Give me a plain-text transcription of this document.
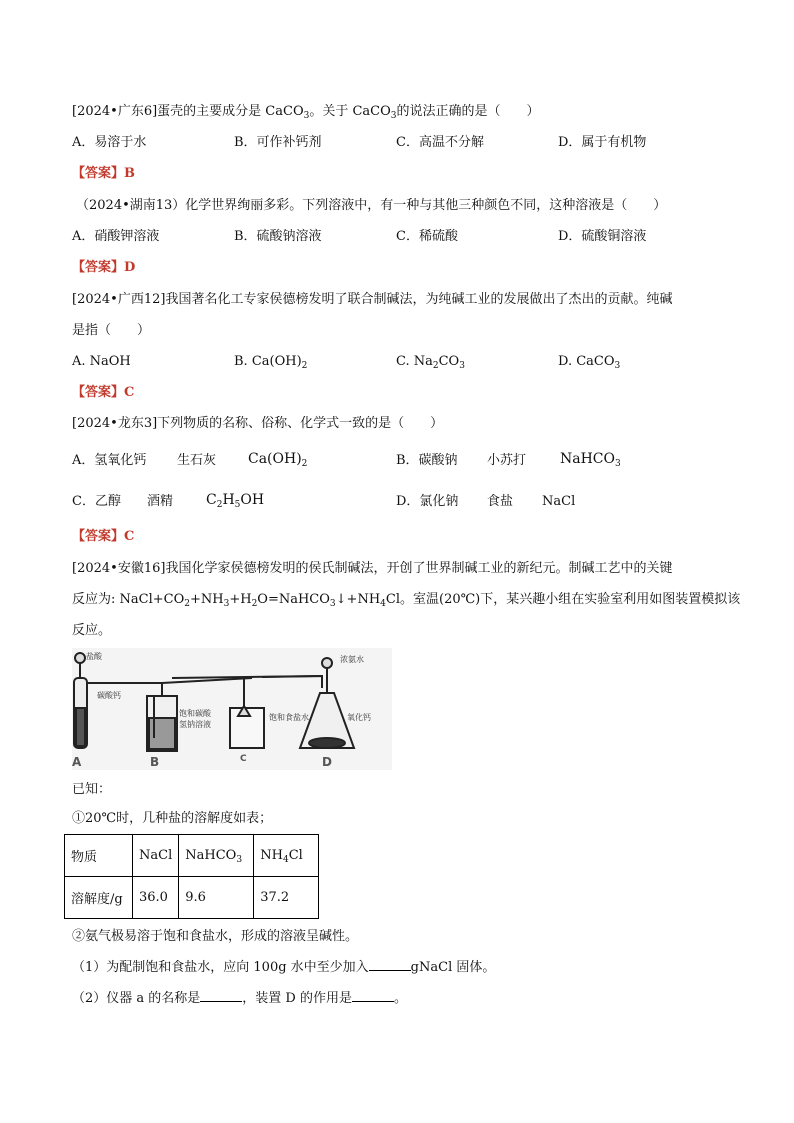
[2024•广东6]蛋壳的主要成分是 CaCO$_3$。关于 CaCO$_3$的说法正确的是（　　）
A．易溶于水	B．可作补钙剂	C．高温不分解	D．属于有机物
【答案】B
（2024•湖南13）化学世界绚丽多彩。下列溶液中，有一种与其他三种颜色不同，这种溶液是（　　）
A．硝酸钾溶液	B．硫酸钠溶液	C．稀硫酸	D．硫酸铜溶液
【答案】D
[2024•广西12]我国著名化工专家侯德榜发明了联合制碱法，为纯碱工业的发展做出了杰出的贡献。纯碱
是指（　　）
A. NaOH	B. $Ca(OH)_2$	C. $Na_2CO_3$	D. CaCO$_3$
【答案】C
[2024•龙东3]下列物质的名称、俗称、化学式一致的是（　　）
A．氢氧化钙 生石灰 $Ca(OH)_2$	B．碳酸钠 小苏打 NaHCO$_3$
C．乙醇 酒精 $C_2H_5OH$	D．氯化钠 食盐 NaCl
【答案】C
[2024•安徽16]我国化学家侯德榜发明的侯氏制碱法，开创了世界制碱工业的新纪元。制碱工艺中的关键
反应为: $NaCl+CO_2+NH_3+H_2O=NaHCO_3↓+NH_4Cl$。室温(20℃)下，某兴趣小组在实验室利用如图装置模拟该
反应。
盐酸
碳酸钙
饱和碳酸
氢钠溶液
饱和食盐水
浓氨水
氧化钙
A	B	C	D
已知：
①20℃时，几种盐的溶解度如表；
物质	NaCl	NaHCO$_3$	$NH_4Cl$
溶解度/g	36.0	9.6	37.2
②氨气极易溶于饱和食盐水，形成的溶液呈碱性。
（1）为配制饱和食盐水，应向 100g 水中至少加入	gNaCl 固体。
（2）仪器 a 的名称是	，装置 D 的作用是	。
